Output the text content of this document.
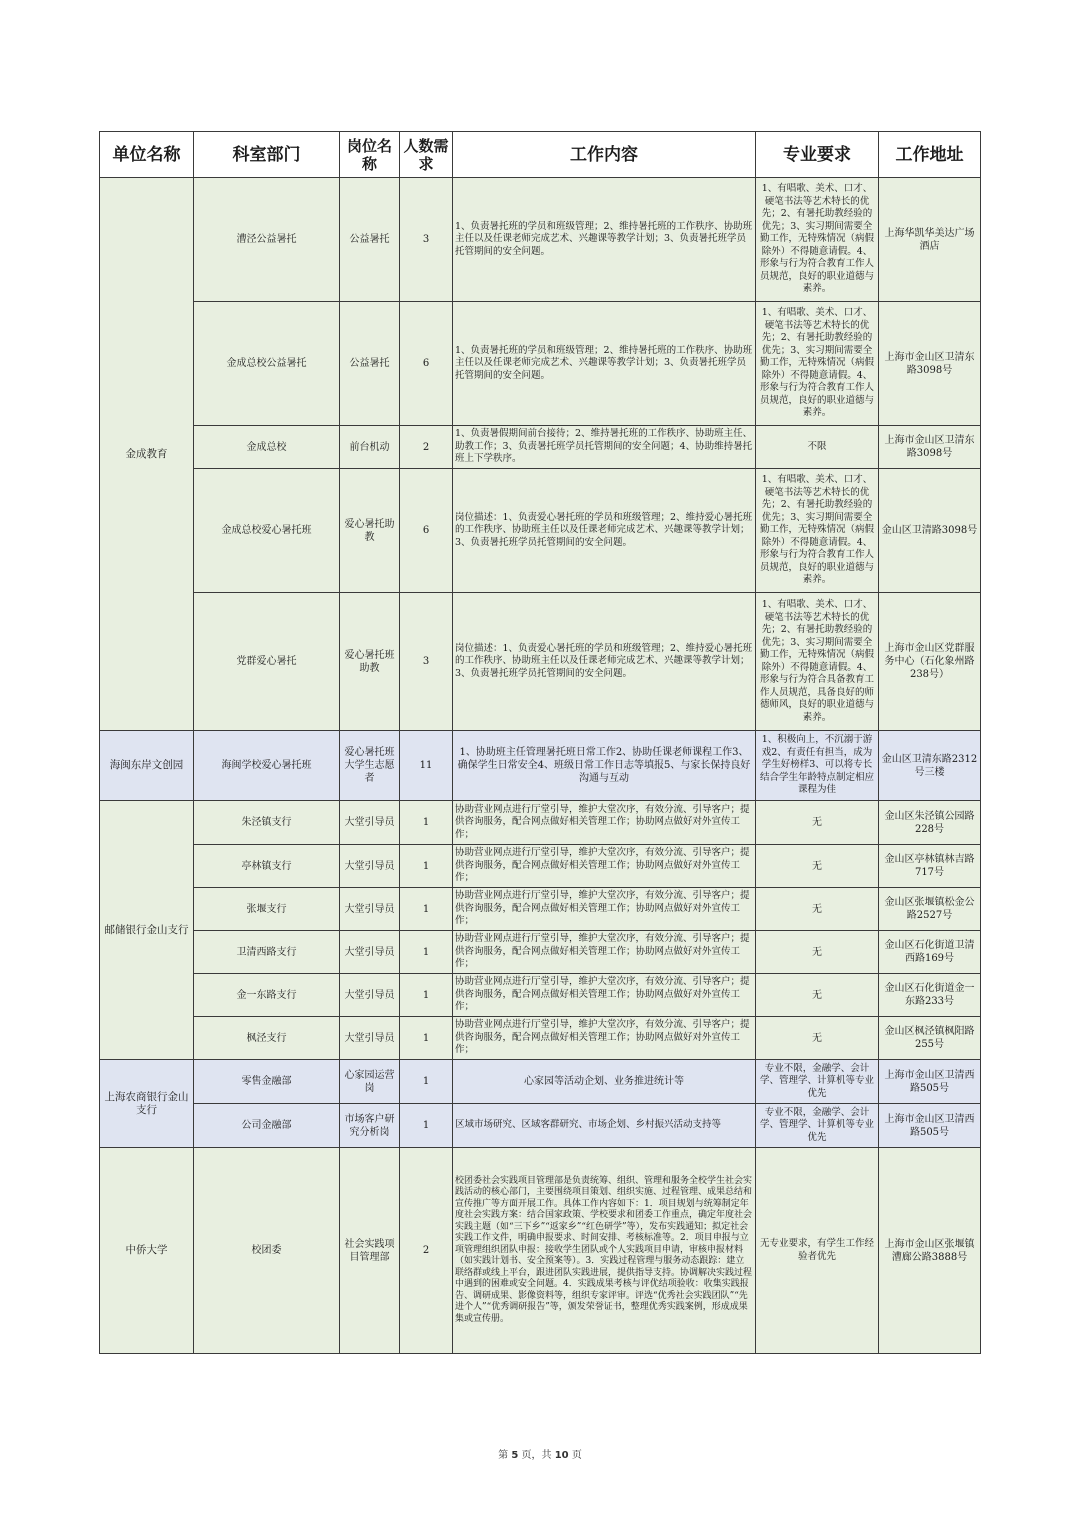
单位名称	科室部门	岗位名称	人数需求	工作内容	专业要求	工作地址
金成教育	漕泾公益暑托	公益暑托	3	1、负责暑托班的学员和班级管理；2、维持暑托班的工作秩序、协助班主任以及任课老师完成艺术、兴趣课等教学计划；3、负责暑托班学员托管期间的安全问题。	1、有唱歌、美术、口才、硬笔书法等艺术特长的优先；2、有暑托助教经验的优先；3、实习期间需要全勤工作，无特殊情况（病假除外）不得随意请假。4、形象与行为符合教育工作人员规范，良好的职业道德与素养。	上海华凯华美达广场酒店
	金成总校公益暑托	公益暑托	6	1、负责暑托班的学员和班级管理；2、维持暑托班的工作秩序、协助班主任以及任课老师完成艺术、兴趣课等教学计划；3、负责暑托班学员托管期间的安全问题。	1、有唱歌、美术、口才、硬笔书法等艺术特长的优先；2、有暑托助教经验的优先；3、实习期间需要全勤工作，无特殊情况（病假除外）不得随意请假。4、形象与行为符合教育工作人员规范，良好的职业道德与素养。	上海市金山区卫清东路3098号
	金成总校	前台机动	2	1、负责暑假期间前台接待；2、维持暑托班的工作秩序、协助班主任、助教工作；3、负责暑托班学员托管期间的安全问题；4、协助维持暑托班上下学秩序。	不限	上海市金山区卫清东路3098号
	金成总校爱心暑托班	爱心暑托助教	6	岗位描述：1、负责爱心暑托班的学员和班级管理；2、维持爱心暑托班的工作秩序、协助班主任以及任课老师完成艺术、兴趣课等教学计划；3、负责暑托班学员托管期间的安全问题。	1、有唱歌、美术、口才、硬笔书法等艺术特长的优先；2、有暑托助教经验的优先；3、实习期间需要全勤工作，无特殊情况（病假除外）不得随意请假。4、形象与行为符合教育工作人员规范，良好的职业道德与素养。	金山区卫清路3098号
	党群爱心暑托	爱心暑托班助教	3	岗位描述：1、负责爱心暑托班的学员和班级管理；2、维持爱心暑托班的工作秩序、协助班主任以及任课老师完成艺术、兴趣课等教学计划；3、负责暑托班学员托管期间的安全问题。	1、有唱歌、美术、口才、硬笔书法等艺术特长的优先；2、有暑托助教经验的优先；3、实习期间需要全勤工作，无特殊情况（病假除外）不得随意请假。4、形象与行为符合具备教育工作人员规范，具备良好的师德师风，良好的职业道德与素养。	上海市金山区党群服务中心（石化象州路238号）
海闽东岸文创园	海闽学校爱心暑托班	爱心暑托班大学生志愿者	11	1、协助班主任管理暑托班日常工作2、协助任课老师课程工作3、确保学生日常安全4、班级日常工作日志等填报5、与家长保持良好沟通与互动	1、积极向上，不沉溺于游戏2、有责任有担当，成为学生好榜样3、可以将专长结合学生年龄特点制定相应课程为佳	金山区卫清东路2312号三楼
邮储银行金山支行	朱泾镇支行	大堂引导员	1	协助营业网点进行厅堂引导，维护大堂次序，有效分流、引导客户；提供咨询服务，配合网点做好相关管理工作；协助网点做好对外宣传工作；	无	金山区朱泾镇公园路228号
	亭林镇支行	大堂引导员	1	协助营业网点进行厅堂引导，维护大堂次序，有效分流、引导客户；提供咨询服务，配合网点做好相关管理工作；协助网点做好对外宣传工作；	无	金山区亭林镇林吉路717号
	张堰支行	大堂引导员	1	协助营业网点进行厅堂引导，维护大堂次序，有效分流、引导客户；提供咨询服务，配合网点做好相关管理工作；协助网点做好对外宣传工作；	无	金山区张堰镇松金公路2527号
	卫清西路支行	大堂引导员	1	协助营业网点进行厅堂引导，维护大堂次序，有效分流、引导客户；提供咨询服务，配合网点做好相关管理工作；协助网点做好对外宣传工作；	无	金山区石化街道卫清西路169号
	金一东路支行	大堂引导员	1	协助营业网点进行厅堂引导，维护大堂次序，有效分流、引导客户；提供咨询服务，配合网点做好相关管理工作；协助网点做好对外宣传工作；	无	金山区石化街道金一东路233号
	枫泾支行	大堂引导员	1	协助营业网点进行厅堂引导，维护大堂次序，有效分流、引导客户；提供咨询服务，配合网点做好相关管理工作；协助网点做好对外宣传工作；	无	金山区枫泾镇枫阳路255号
上海农商银行金山支行	零售金融部	心家园运营岗	1	心家园等活动企划、业务推进统计等	专业不限，金融学、会计学、管理学、计算机等专业优先	上海市金山区卫清西路505号
	公司金融部	市场客户研究分析岗	1	区域市场研究、区域客群研究、市场企划、乡村振兴活动支持等	专业不限，金融学、会计学、管理学、计算机等专业优先	上海市金山区卫清西路505号
中侨大学	校团委	社会实践项目管理部	2	校团委社会实践项目管理部是负责统筹、组织、管理和服务全校学生社会实践活动的核心部门，主要围绕项目策划、组织实施、过程管理、成果总结和宣传推广等方面开展工作。具体工作内容如下：1．项目规划与统筹制定年度社会实践方案：结合国家政策、学校要求和团委工作重点，确定年度社会实践主题（如“三下乡”“返家乡”“红色研学”等），发布实践通知；拟定社会实践工作文件，明确申报要求、时间安排、考核标准等。2．项目申报与立项管理组织团队申报：接收学生团队或个人实践项目申请，审核申报材料（如实践计划书、安全预案等）。3．实践过程管理与服务动态跟踪：建立联络群或线上平台，跟进团队实践进展，提供指导支持。协调解决实践过程中遇到的困难或安全问题。4．实践成果考核与评优结项验收：收集实践报告、调研成果、影像资料等，组织专家评审。评选“优秀社会实践团队”“先进个人”“优秀调研报告”等，颁发荣誉证书，整理优秀实践案例，形成成果集或宣传册。	无专业要求，有学生工作经验者优先	上海市金山区张堰镇漕廊公路3888号
第 5 页，共 10 页
